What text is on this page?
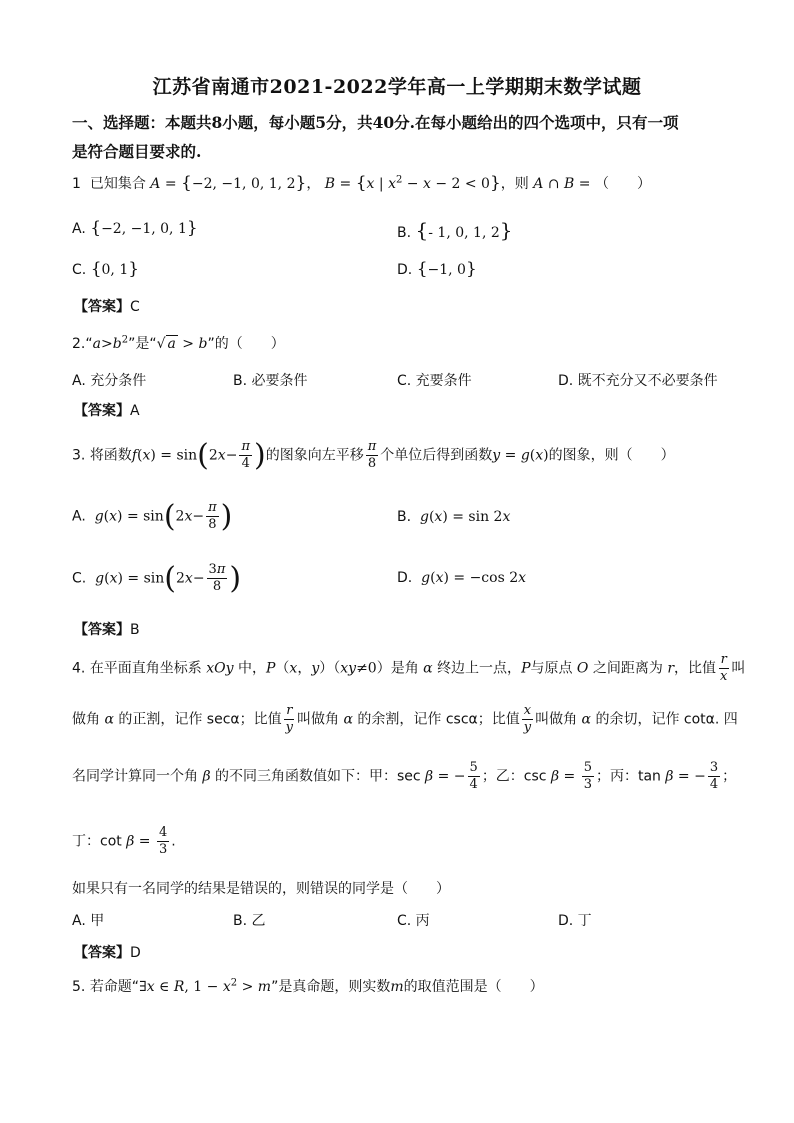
江苏省南通市2021-2022学年高一上学期期末数学试题
一、选择题：本题共8小题，每小题5分，共40分.在每小题给出的四个选项中，只有一项
是符合题目要求的.
1 已知集合 A = {−2, −1, 0, 1, 2}， B = {x | $x^2 - x - 2 < 0$}，则 A ∩ B = （　　）
A. {−2, −1, 0, 1}	B. {- 1, 0, 1, 2}
C. {0, 1}	D. {−1, 0}
【答案】C
$2.“a>b^2$”是“√ a > b”的（　　）
A. 充分条件	B. 必要条件	C. 充要条件	D. 既不充分又不必要条件
【答案】A
3. 将函数$f(x) = \sin(2x- \frac{\pi}{4}$ )的图象向左平移 $\frac{\pi}{8}$ 个单位后得到函数y = g(x)的图象，则（　　）
A. $g(x) = \sin(2x- \frac{\pi}{8}$ )	B. g(x) = sin 2x
C. $g(x) = \sin(2x- \frac{3\pi}{8}$ )	D. g(x) = −cos 2x
【答案】B
4. 在平面直角坐标系 xOy 中，P（x，y）（xy≠0）是角 α 终边上一点，P与原点 O 之间距离为 r，比值 $\frac{r}{x}$ 叫
做角 α 的正割，记作 secα；比值 $\frac{r}{y}$ 叫做角 α 的余割，记作 cscα；比值 $\frac{x}{y}$ 叫做角 α 的余切，记作 cotα. 四
名同学计算同一个角 β 的不同三角函数值如下：甲：sec β = − $\frac{5}{4}$ ；乙：$\csc \beta = \frac{5}{3}$ ；丙：tan β = − $\frac{3}{4}$ ；
丁：$\cot \beta = \frac{4}{3}$ .
如果只有一名同学的结果是错误的，则错误的同学是（　　）
A. 甲	B. 乙	C. 丙	D. 丁
【答案】D
5. 若命题“∃x ∈ R, $1 - x^2 > m$”是真命题，则实数m的取值范围是（　　）
